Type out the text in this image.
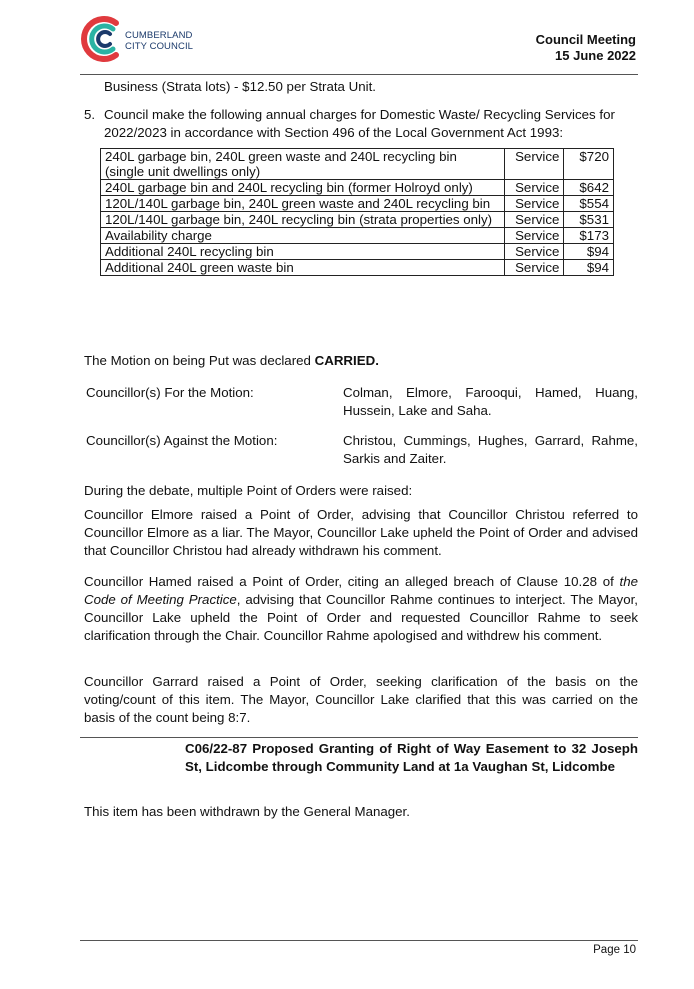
CUMBERLAND
CITY COUNCIL	Council Meeting
15 June 2022
Business (Strata lots) - $12.50 per Strata Unit.
5. Council make the following annual charges for Domestic Waste/ Recycling Services for 2022/2023 in accordance with Section 496 of the Local Government Act 1993:
240L garbage bin, 240L green waste and 240L recycling bin (single unit dwellings only)	Service	$720
240L garbage bin and 240L recycling bin (former Holroyd only)	Service	$642
120L/140L garbage bin, 240L green waste and 240L recycling bin	Service	$554
120L/140L garbage bin, 240L recycling bin (strata properties only)	Service	$531
Availability charge	Service	$173
Additional 240L recycling bin	Service	$94
Additional 240L green waste bin	Service	$94
The Motion on being Put was declared CARRIED.
Councillor(s) For the Motion:	Colman, Elmore, Farooqui, Hamed, Huang, Hussein, Lake and Saha.
Councillor(s) Against the Motion:	Christou, Cummings, Hughes, Garrard, Rahme, Sarkis and Zaiter.
During the debate, multiple Point of Orders were raised:
Councillor Elmore raised a Point of Order, advising that Councillor Christou referred to Councillor Elmore as a liar. The Mayor, Councillor Lake upheld the Point of Order and advised that Councillor Christou had already withdrawn his comment.
Councillor Hamed raised a Point of Order, citing an alleged breach of Clause 10.28 of the Code of Meeting Practice, advising that Councillor Rahme continues to interject. The Mayor, Councillor Lake upheld the Point of Order and requested Councillor Rahme to seek clarification through the Chair. Councillor Rahme apologised and withdrew his comment.
Councillor Garrard raised a Point of Order, seeking clarification of the basis on the voting/count of this item. The Mayor, Councillor Lake clarified that this was carried on the basis of the count being 8:7.
C06/22-87 Proposed Granting of Right of Way Easement to 32 Joseph St, Lidcombe through Community Land at 1a Vaughan St, Lidcombe
This item has been withdrawn by the General Manager.
Page 10
